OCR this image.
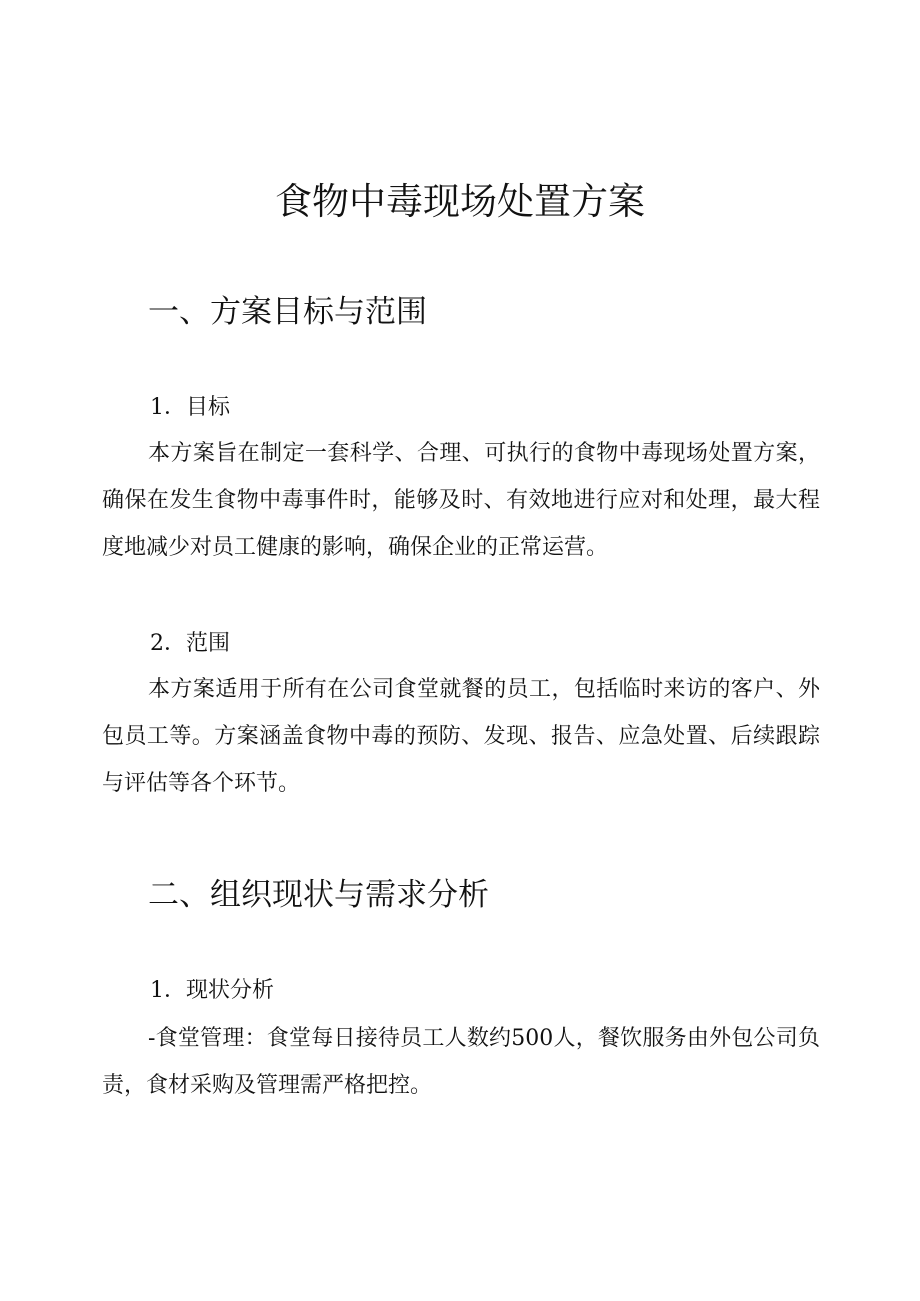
食物中毒现场处置方案
一、方案目标与范围
1．目标
本方案旨在制定一套科学、合理、可执行的食物中毒现场处置方案，确保在发生食物中毒事件时，能够及时、有效地进行应对和处理，最大程度地减少对员工健康的影响，确保企业的正常运营。
2．范围
本方案适用于所有在公司食堂就餐的员工，包括临时来访的客户、外包员工等。方案涵盖食物中毒的预防、发现、报告、应急处置、后续跟踪与评估等各个环节。
二、组织现状与需求分析
1．现状分析
-食堂管理：食堂每日接待员工人数约500人，餐饮服务由外包公司负责，食材采购及管理需严格把控。
